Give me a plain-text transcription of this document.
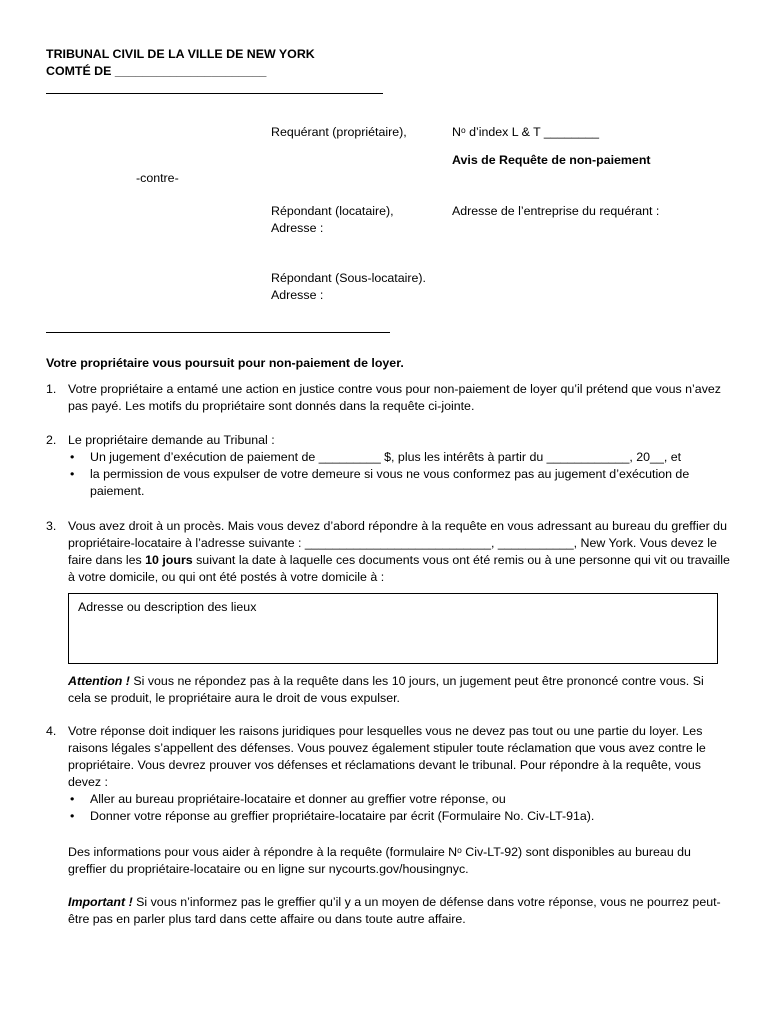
TRIBUNAL CIVIL DE LA VILLE DE NEW YORK
COMTÉ DE ______________________
Requérant (propriétaire),	Nᵒ d’index L & T ________
Avis de Requête de non-paiement
-contre-
Répondant (locataire),
Adresse :
Adresse de l’entreprise du requérant :
Répondant (Sous-locataire).
Adresse :
Votre propriétaire vous poursuit pour non-paiement de loyer.
1. Votre propriétaire a entamé une action en justice contre vous pour non-paiement de loyer qu’il prétend que vous n’avez pas payé. Les motifs du propriétaire sont donnés dans la requête ci-jointe.

2. Le propriétaire demande au Tribunal :

• Un jugement d’exécution de paiement de _________ $, plus les intérêts à partir du ____________, 20__, et
• la permission de vous expulser de votre demeure si vous ne vous conformez pas au jugement d’exécution de paiement.
3. Vous avez droit à un procès. Mais vous devez d’abord répondre à la requête en vous adressant au bureau du greffier du propriétaire-locataire à l’adresse suivante : ___________________________, ___________, New York. Vous devez le faire dans les 10 jours suivant la date à laquelle ces documents vous ont été remis ou à une personne qui vit ou travaille à votre domicile, ou qui ont été postés à votre domicile à :

Adresse ou description des lieux
Attention ! Si vous ne répondez pas à la requête dans les 10 jours, un jugement peut être prononcé contre vous. Si cela se produit, le propriétaire aura le droit de vous expulser.
4. Votre réponse doit indiquer les raisons juridiques pour lesquelles vous ne devez pas tout ou une partie du loyer. Les raisons légales s’appellent des défenses. Vous pouvez également stipuler toute réclamation que vous avez contre le propriétaire. Vous devrez prouver vos défenses et réclamations devant le tribunal. Pour répondre à la requête, vous devez :

• Aller au bureau propriétaire-locataire et donner au greffier votre réponse, ou
• Donner votre réponse au greffier propriétaire-locataire par écrit (Formulaire No. Civ-LT-91a).
Des informations pour vous aider à répondre à la requête (formulaire Nᵒ Civ-LT-92) sont disponibles au bureau du greffier du propriétaire-locataire ou en ligne sur nycourts.gov/housingnyc.
Important ! Si vous n’informez pas le greffier qu’il y a un moyen de défense dans votre réponse, vous ne pourrez peut-être pas en parler plus tard dans cette affaire ou dans toute autre affaire.
